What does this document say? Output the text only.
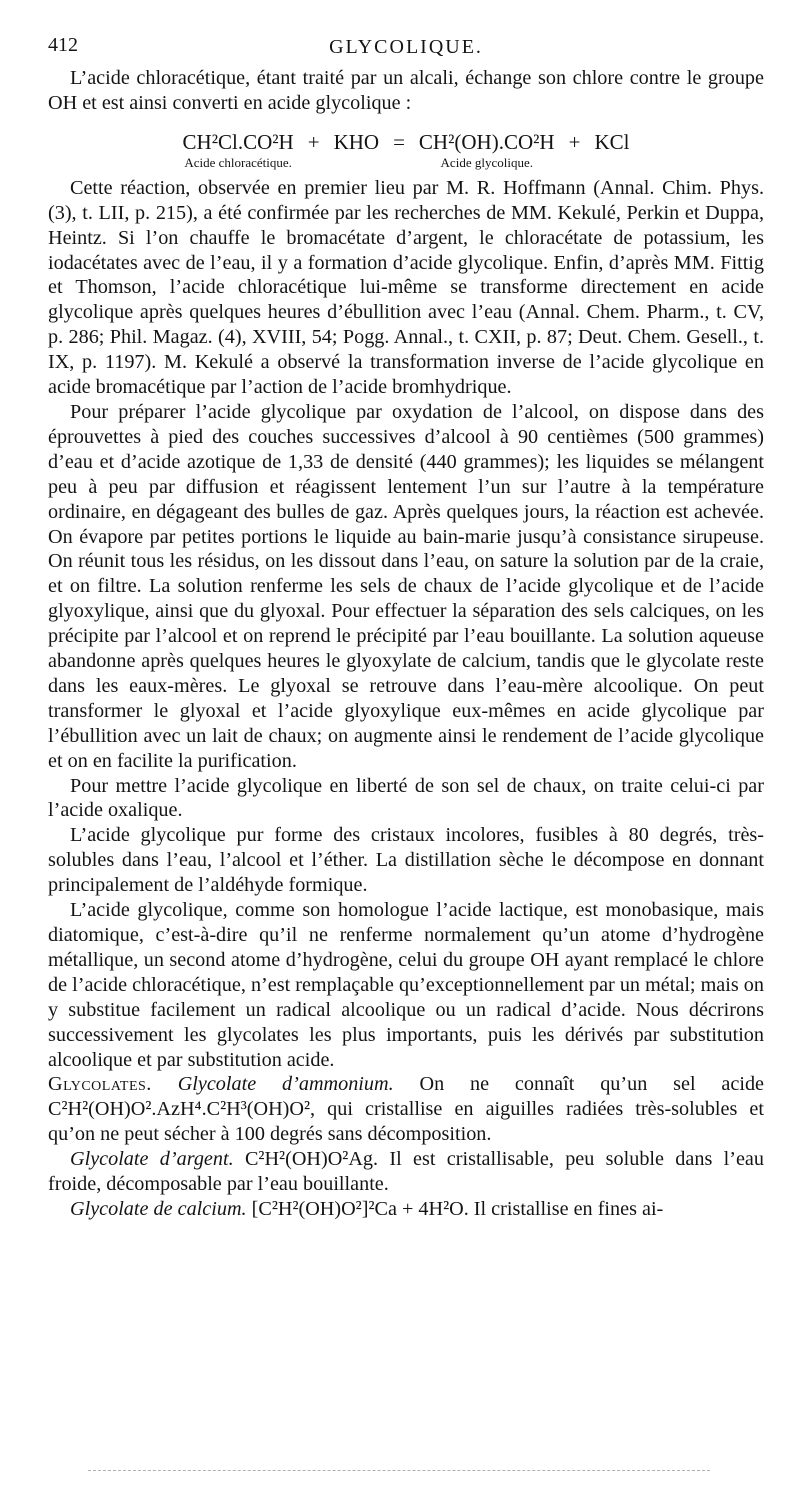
412	GLYCOLIQUE.

L’acide chloracétique, étant traité par un alcali, échange son chlore contre le groupe OH et est ainsi converti en acide glycolique :

CH²Cl.CO²H
Acide chloracétique.
+ KHO = CH²(OH).CO²H
Acide glycolique.
+ KCl

Cette réaction, observée en premier lieu par M. R. Hoffmann (Annal. Chim. Phys. (3), t. LII, p. 215), a été confirmée par les recherches de MM. Kekulé, Perkin et Duppa, Heintz. Si l’on chauffe le bromacétate d’argent, le chloracétate de potassium, les iodacétates avec de l’eau, il y a formation d’acide glycolique. Enfin, d’après MM. Fittig et Thomson, l’acide chloracétique lui-même se transforme directement en acide glycolique après quelques heures d’ébullition avec l’eau (Annal. Chem. Pharm., t. CV, p. 286; Phil. Magaz. (4), XVIII, 54; Pogg. Annal., t. CXII, p. 87; Deut. Chem. Gesell., t. IX, p. 1197). M. Kekulé a observé la transformation inverse de l’acide glycolique en acide bromacétique par l’action de l’acide bromhydrique.

Pour préparer l’acide glycolique par oxydation de l’alcool, on dispose dans des éprouvettes à pied des couches successives d’alcool à 90 centièmes (500 grammes) d’eau et d’acide azotique de 1,33 de densité (440 grammes); les liquides se mélangent peu à peu par diffusion et réagissent lentement l’un sur l’autre à la température ordinaire, en dégageant des bulles de gaz. Après quelques jours, la réaction est achevée. On évapore par petites portions le liquide au bain-marie jusqu’à consistance sirupeuse. On réunit tous les résidus, on les dissout dans l’eau, on sature la solution par de la craie, et on filtre. La solution renferme les sels de chaux de l’acide glycolique et de l’acide glyoxylique, ainsi que du glyoxal. Pour effectuer la séparation des sels calciques, on les précipite par l’alcool et on reprend le précipité par l’eau bouillante. La solution aqueuse abandonne après quelques heures le glyoxylate de calcium, tandis que le glycolate reste dans les eaux-mères. Le glyoxal se retrouve dans l’eau-mère alcoolique. On peut transformer le glyoxal et l’acide glyoxylique eux-mêmes en acide glycolique par l’ébullition avec un lait de chaux; on augmente ainsi le rendement de l’acide glycolique et on en facilite la purification.

Pour mettre l’acide glycolique en liberté de son sel de chaux, on traite celui-ci par l’acide oxalique.

L’acide glycolique pur forme des cristaux incolores, fusibles à 80 degrés, très-solubles dans l’eau, l’alcool et l’éther. La distillation sèche le décompose en donnant principalement de l’aldéhyde formique.

L’acide glycolique, comme son homologue l’acide lactique, est monobasique, mais diatomique, c’est-à-dire qu’il ne renferme normalement qu’un atome d’hydrogène métallique, un second atome d’hydrogène, celui du groupe OH ayant remplacé le chlore de l’acide chloracétique, n’est remplaçable qu’exceptionnellement par un métal; mais on y substitue facilement un radical alcoolique ou un radical d’acide. Nous décrirons successivement les glycolates les plus importants, puis les dérivés par substitution alcoolique et par substitution acide.

Glycolates. Glycolate d’ammonium. On ne connaît qu’un sel acide C²H²(OH)O².AzH⁴.C²H³(OH)O², qui cristallise en aiguilles radiées très-solubles et qu’on ne peut sécher à 100 degrés sans décomposition.

Glycolate d’argent. C²H²(OH)O²Ag. Il est cristallisable, peu soluble dans l’eau froide, décomposable par l’eau bouillante.

Glycolate de calcium. [C²H²(OH)O²]²Ca + 4H²O. Il cristallise en fines ai-
